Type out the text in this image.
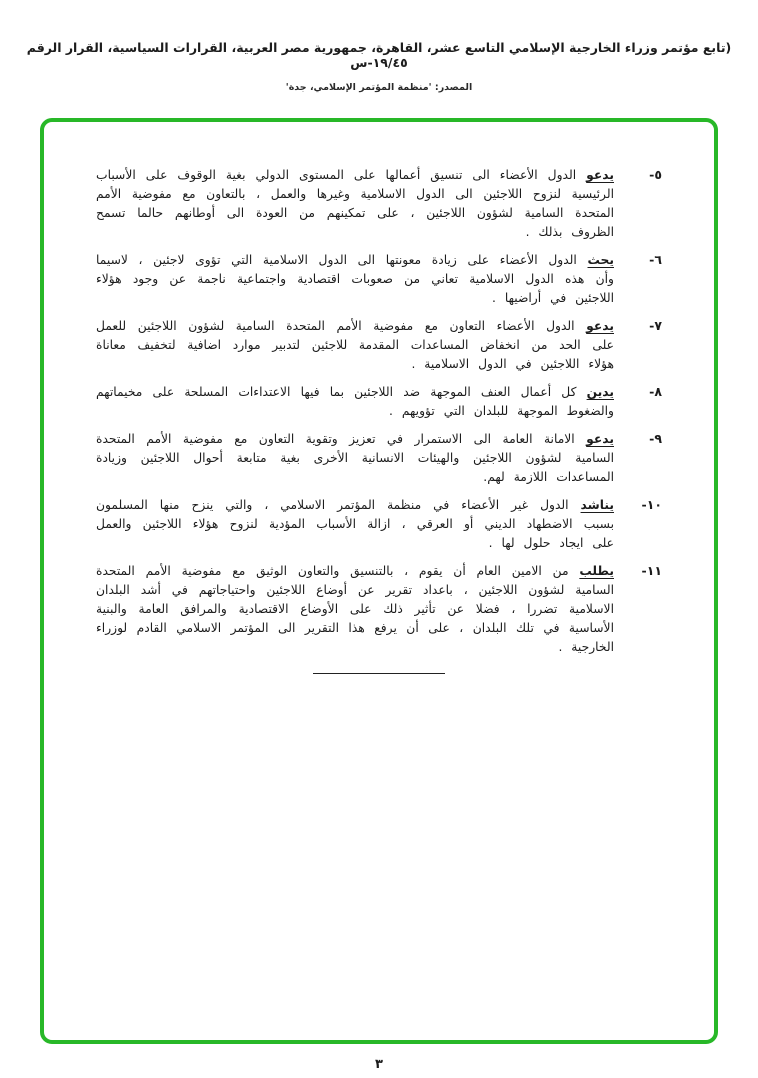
(تابع مؤتمر وزراء الخارجية الإسلامي التاسع عشر، القاهرة، جمهورية مصر العربية، القرارات السياسية، القرار الرقم ١٩/٤٥-س
المصدر: 'منظمة المؤتمر الإسلامي، جدة'
٥-

يدعو الدول الأعضاء الى تنسيق أعمالها على المستوى الدولي بغية الوقوف على الأسباب الرئيسية لنزوح اللاجئين الى الدول الاسلامية وغيرها والعمل ، بالتعاون مع مفوضية الأمم المتحدة السامية لشؤون اللاجئين ، على تمكينهم من العودة الى أوطانهم حالما تسمح الظروف بذلك .

٦-

يحث الدول الأعضاء على زيادة معونتها الى الدول الاسلامية التي تؤوى لاجئين ، لاسيما وأن هذه الدول الاسلامية تعاني من صعوبات اقتصادية واجتماعية ناجمة عن وجود هؤلاء اللاجئين في أراضيها .

٧-

يدعو الدول الأعضاء التعاون مع مفوضية الأمم المتحدة السامية لشؤون اللاجئين للعمل على الحد من انخفاض المساعدات المقدمة للاجئين لتدبير موارد اضافية لتخفيف معاناة هؤلاء اللاجئين في الدول الاسلامية .

٨-

يدين كل أعمال العنف الموجهة ضد اللاجئين بما فيها الاعتداءات المسلحة على مخيماتهم والضغوط الموجهة للبلدان التي تؤويهم .

٩-

يدعو الامانة العامة الى الاستمرار في تعزيز وتقوية التعاون مع مفوضية الأمم المتحدة السامية لشؤون اللاجئين والهيئات الانسانية الأخرى بغية متابعة أحوال اللاجئين وزيادة المساعدات اللازمة لهم.

١٠-

يناشد الدول غير الأعضاء في منظمة المؤتمر الاسلامي ، والتي ينزح منها المسلمون بسبب الاضطهاد الديني أو العرقي ، ازالة الأسباب المؤدية لنزوح هؤلاء اللاجئين والعمل على ايجاد حلول لها .

١١-

يطلب من الامين العام أن يقوم ، بالتنسيق والتعاون الوثيق مع مفوضية الأمم المتحدة السامية لشؤون اللاجئين ، باعداد تقرير عن أوضاع اللاجئين واحتياجاتهم في أشد البلدان الاسلامية تضررا ، فضلا عن تأثير ذلك على الأوضاع الاقتصادية والمرافق العامة والبنية الأساسية في تلك البلدان ، على أن يرفع هذا التقرير الى المؤتمر الاسلامي القادم لوزراء الخارجية .

٣
